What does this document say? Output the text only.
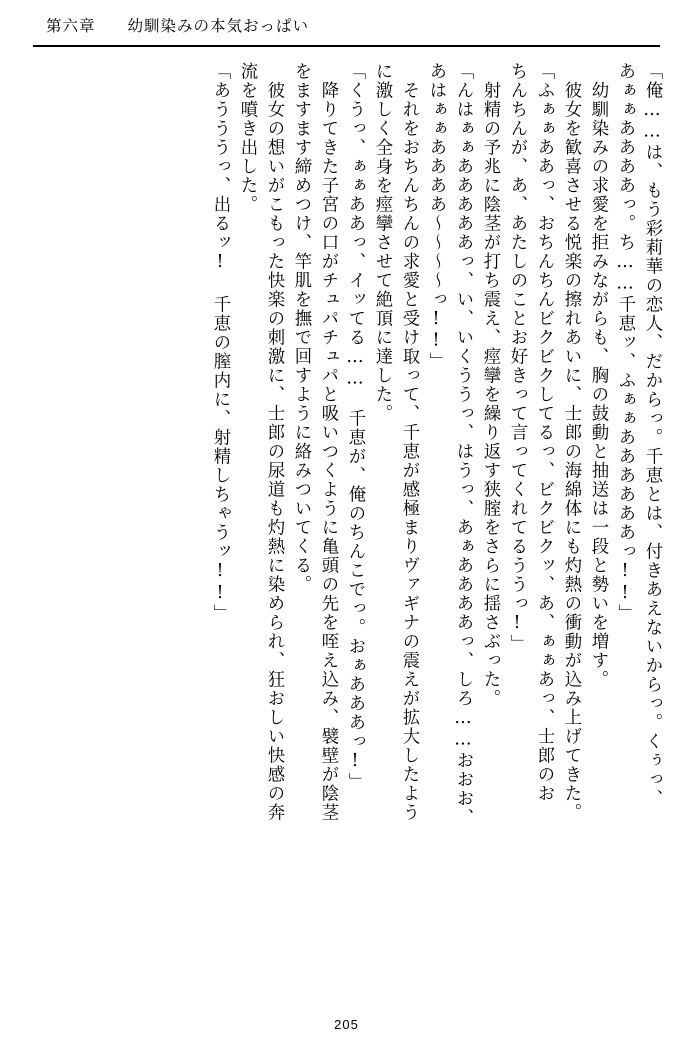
第六章 幼馴染みの本気おっぱい
「俺……は、もう彩莉華の恋人、だからっ。千恵とは、付きあえないからっ。くぅっ、
あぁぁああああっ。ち……千恵ッ、ふぁぁああああああっ!!」
　幼馴染みの求愛を拒みながらも、胸の鼓動と抽送は一段と勢いを増す。
　彼女を歓喜させる悦楽の擦れあいに、士郎の海綿体にも灼熱の衝動が込み上げてきた。
「ふぁぁああっ、おちんちんビクビクしてるっ、ビクビクッ、あ、ぁぁあっ、士郎のお
ちんちんが、あ、あたしのことお好きって言ってくれてるううっ!」
　射精の予兆に陰茎が打ち震え、痙攣を繰り返す狭腟をさらに揺さぶった。
「んはぁぁあああああっ、い、いくううっ、はうっ、あぁああああっ、しろ……おおお、
あはぁぁああああ〜〜〜〜っ!!」
　それをおちんちんの求愛と受け取って、千恵が感極まりヴァギナの震えが拡大したよう
に激しく全身を痙攣させて絶頂に達した。
「くうっ、ぁぁああっ、イッてる……　千恵が、俺のちんこでっ。おぁあああっ!」
　降りてきた子宮の口がチュパチュパと吸いつくように亀頭の先を咥え込み、襞壁が陰茎
をますます締めつけ、竿肌を撫で回すように絡みついてくる。
　彼女の想いがこもった快楽の刺激に、士郎の尿道も灼熱に染められ、狂おしい快感の奔
流を噴き出した。
「あうううっ、出るッ! 千恵の膣内に、射精しちゃうッ!!」
205
